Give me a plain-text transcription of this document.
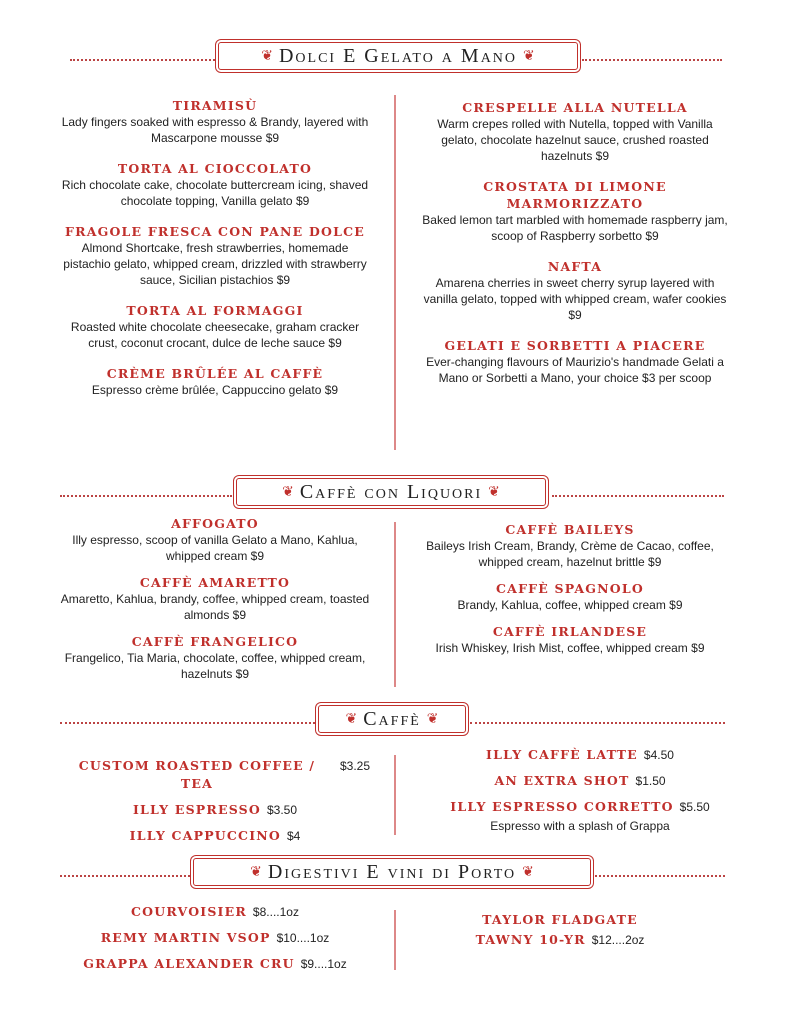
❦ Dolci E Gelato a Mano ❦
TIRAMISÙ
Lady fingers soaked with espresso & Brandy, layered with Mascarpone mousse $9
TORTA AL CIOCCOLATO
Rich chocolate cake, chocolate buttercream icing, shaved chocolate topping, Vanilla gelato $9
FRAGOLE FRESCA CON PANE DOLCE
Almond Shortcake, fresh strawberries, homemade pistachio gelato, whipped cream, drizzled with strawberry sauce, Sicilian pistachios $9
TORTA AL FORMAGGI
Roasted white chocolate cheesecake, graham cracker crust, coconut crocant, dulce de leche sauce $9
CRÈME BRÛLÉE AL CAFFÈ
Espresso crème brûlée, Cappuccino gelato $9
CRESPELLE ALLA NUTELLA
Warm crepes rolled with Nutella, topped with Vanilla gelato, chocolate hazelnut sauce, crushed roasted hazelnuts $9
CROSTATA DI LIMONE MARMORIZZATO
Baked lemon tart marbled with homemade raspberry jam, scoop of Raspberry sorbetto $9
NAFTA
Amarena cherries in sweet cherry syrup layered with vanilla gelato, topped with whipped cream, wafer cookies $9
GELATI E SORBETTI A PIACERE
Ever-changing flavours of Maurizio's handmade Gelati a Mano or Sorbetti a Mano, your choice $3 per scoop
❦ Caffè con Liquori ❦
AFFOGATO
Illy espresso, scoop of vanilla Gelato a Mano, Kahlua, whipped cream $9
CAFFÈ AMARETTO
Amaretto, Kahlua, brandy, coffee, whipped cream, toasted almonds $9
CAFFÈ FRANGELICO
Frangelico, Tia Maria, chocolate, coffee, whipped cream, hazelnuts $9
CAFFÈ BAILEYS
Baileys Irish Cream, Brandy, Crème de Cacao, coffee, whipped cream, hazelnut brittle $9
CAFFÈ SPAGNOLO
Brandy, Kahlua, coffee, whipped cream $9
CAFFÈ IRLANDESE
Irish Whiskey, Irish Mist, coffee, whipped cream $9
❦ Caffè ❦
CUSTOM ROASTED COFFEE / TEA
$3.25
ILLY ESPRESSO $3.50
ILLY CAPPUCCINO $4
ILLY CAFFÈ LATTE $4.50
AN EXTRA SHOT $1.50
ILLY ESPRESSO CORRETTO $5.50
Espresso with a splash of Grappa
❦ Digestivi E vini di Porto ❦
COURVOISIER $8....1oz
REMY MARTIN VSOP $10....1oz
GRAPPA ALEXANDER CRU $9....1oz
TAYLOR FLADGATE
TAWNY 10-YR $12....2oz
